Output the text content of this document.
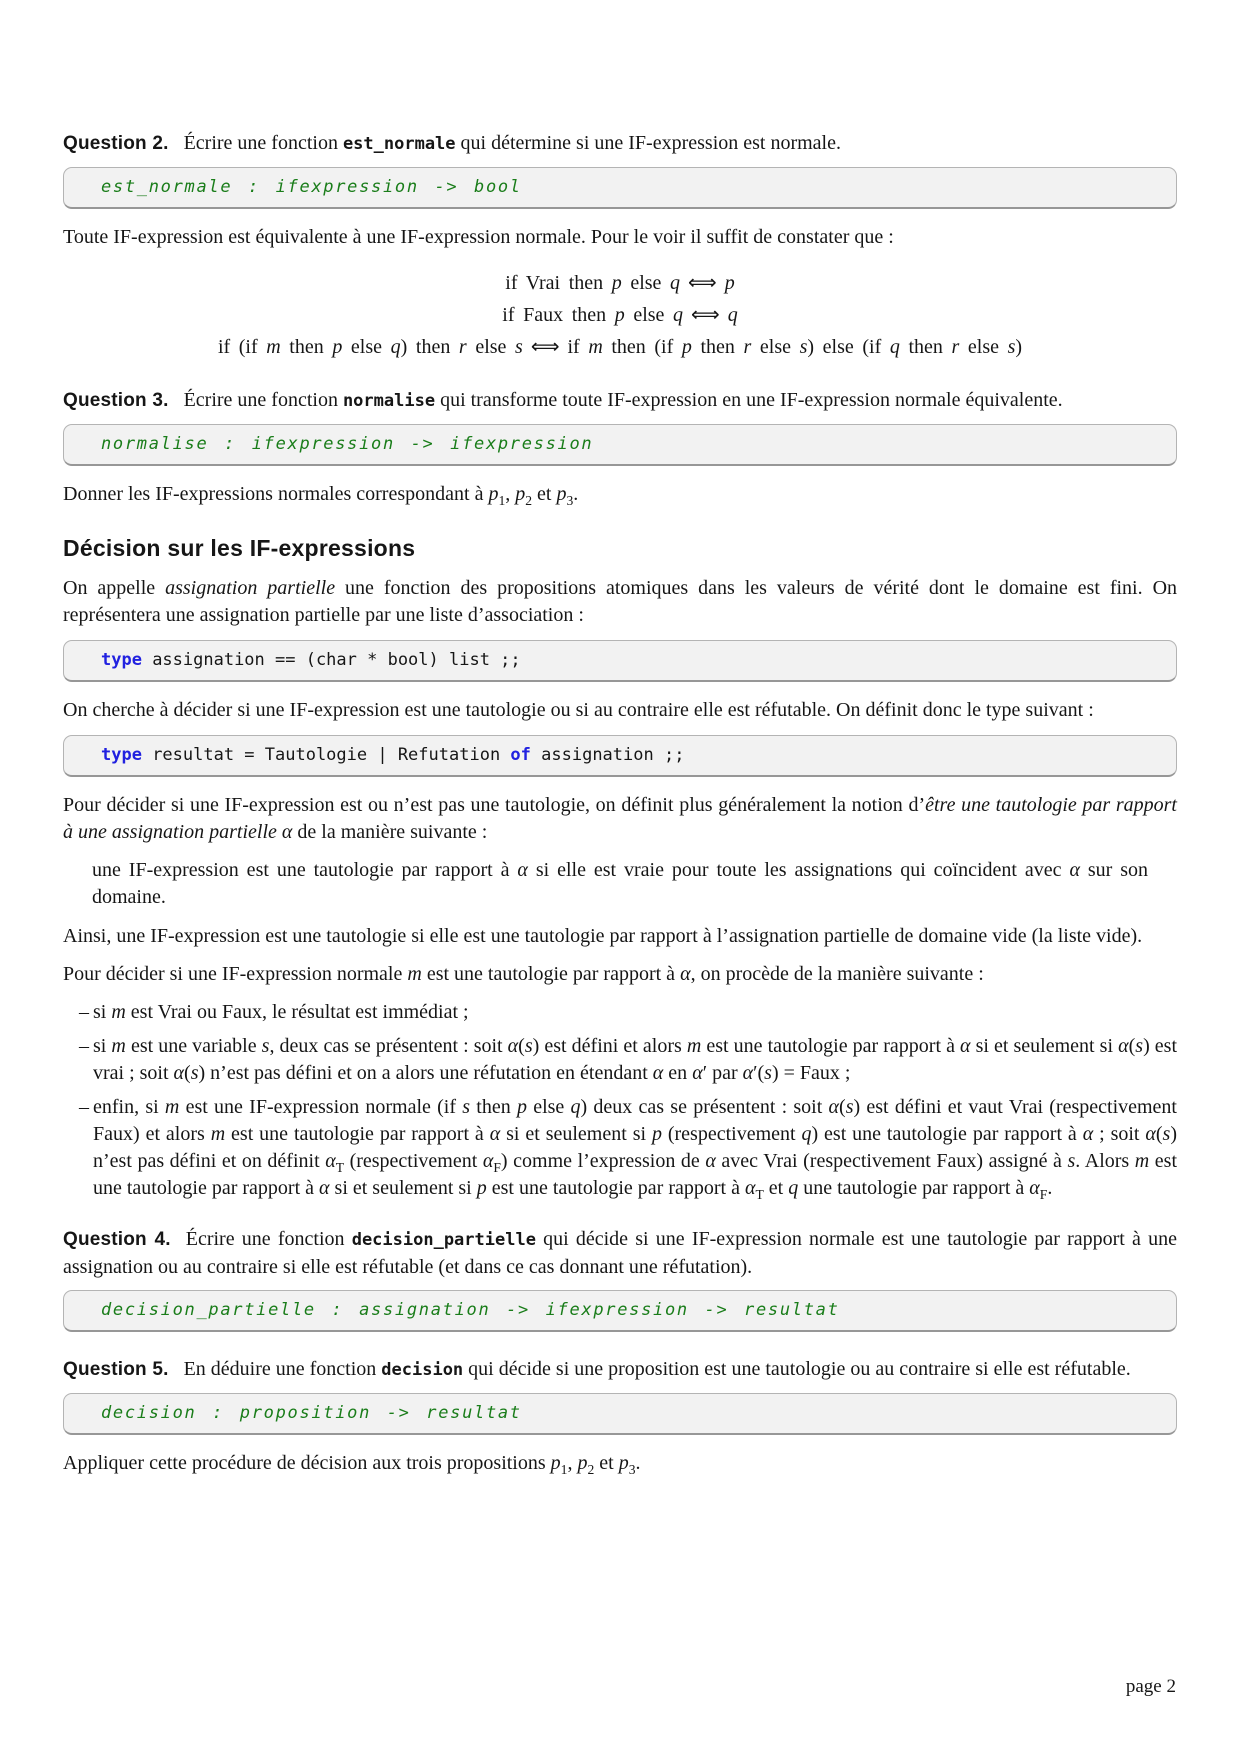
Question 2. Écrire une fonction est_normale qui détermine si une IF-expression est normale.

est_normale : ifexpression -> bool

Toute IF-expression est équivalente à une IF-expression normale. Pour le voir il suffit de constater que :

if Vrai then p else q ⟺ p
if Faux then p else q ⟺ q
if (if m then p else q) then r else s ⟺ if m then (if p then r else s) else (if q then r else s)

Question 3. Écrire une fonction normalise qui transforme toute IF-expression en une IF-expression normale équivalente.

normalise : ifexpression -> ifexpression

Donner les IF-expressions normales correspondant à $p_1$, $p_2$ et $p_3$.

Décision sur les IF-expressions

On appelle assignation partielle une fonction des propositions atomiques dans les valeurs de vérité dont le domaine est fini. On représentera une assignation partielle par une liste d’association :

type assignation == (char * bool) list ;;

On cherche à décider si une IF-expression est une tautologie ou si au contraire elle est réfutable. On définit donc le type suivant :

type resultat = Tautologie | Refutation of assignation ;;

Pour décider si une IF-expression est ou n’est pas une tautologie, on définit plus généralement la notion d’être une tautologie par rapport à une assignation partielle α de la manière suivante :

une IF-expression est une tautologie par rapport à α si elle est vraie pour toute les assignations qui coïncident avec α sur son domaine.

Ainsi, une IF-expression est une tautologie si elle est une tautologie par rapport à l’assignation partielle de domaine vide (la liste vide).

Pour décider si une IF-expression normale m est une tautologie par rapport à α, on procède de la manière suivante :

– si m est Vrai ou Faux, le résultat est immédiat ;
– si m est une variable s, deux cas se présentent : soit α(s) est défini et alors m est une tautologie par rapport à α si et seulement si α(s) est vrai ; soit α(s) n’est pas défini et on a alors une réfutation en étendant α en α′ par α′(s) = Faux ;
– enfin, si m est une IF-expression normale (if s then p else q) deux cas se présentent : soit α(s) est défini et vaut Vrai (respectivement Faux) et alors m est une tautologie par rapport à α si et seulement si p (respectivement q) est une tautologie par rapport à α ; soit α(s) n’est pas défini et on définit $\alpha_T$ (respectivement $\alpha_F$) comme l’expression de α avec Vrai (respectivement Faux) assigné à s. Alors m est une tautologie par rapport à α si et seulement si p est une tautologie par rapport à $\alpha_T$ et q une tautologie par rapport à $\alpha_F$.

Question 4. Écrire une fonction decision_partielle qui décide si une IF-expression normale est une tautologie par rapport à une assignation ou au contraire si elle est réfutable (et dans ce cas donnant une réfutation).

decision_partielle : assignation -> ifexpression -> resultat

Question 5. En déduire une fonction decision qui décide si une proposition est une tautologie ou au contraire si elle est réfutable.

decision : proposition -> resultat

Appliquer cette procédure de décision aux trois propositions $p_1$, $p_2$ et $p_3$.

page 2
